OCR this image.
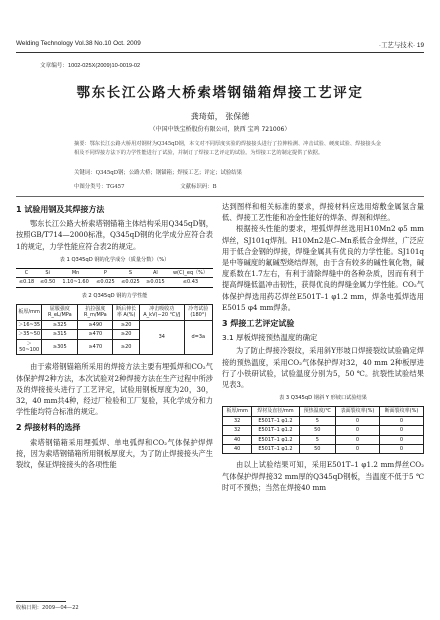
Welding Technology Vol.38 No.10 Oct. 2009	·工艺与技术· 19
文章编号：1002-025X(2009)10-0019-02
鄂东长江公路大桥索塔钢锚箱焊接工艺评定
龚琦茹， 张保德
（中国中铁宝桥股份有限公司，陕西 宝鸡 721006）
摘要：鄂东长江公路大桥用对钢材为Q345qD钢，本文对不同厚度实验的焊接接头进行了拉伸检测、冲击试验、硬度试验、焊接接头金相及不同焊接方法下的力学性能进行了试验，并制订了焊接工艺评定的试验。为焊接工艺的制定提供了依据。
关键词：Q345qD钢；公路大桥；钢锚箱；焊接工艺；评定；试验结果
中图分类号：TG457	文献标识码：B
1 试验用钢及其焊接方法

鄂东长江公路大桥索塔钢锚箱主体结构采用Q345qD钢，按照GB/T714—2000标准，Q345qD钢的化学成分应符合表1的规定，力学性能应符合表2的规定。

表 1 Q345qD 钢的化学成分（质量分数）（%）
C	Si	Mn	P	S	Al	w(C)_eq（%）
≤0.18	≤0.50	1.10~1.60	≤0.025	≤0.025	≥0.015	≤0.43
表 2 Q345qD 钢的力学性能
板厚/mm	屈服强度 R_eL/MPa	抗拉强度 R_m/MPa	断后伸长率 A(%)	冲击吸收功 A_kV(−20 ℃)/J	冷弯试验 (180°)
＞16~35	≥325	≥490	≥20	34	d=3a
＞35~50	≥315	≥470	≥20		
＞50~100	≥305	≥470	≥20		

由于索塔钢锚箱所采用的焊接方法主要有埋弧焊和CO₂气体保护焊2种方法，本次试验对2种焊接方法在生产过程中所涉及的焊接接头进行了工艺评定，试验用钢板厚度为20，30，32，40 mm共4种，经过厂检验和工厂复验，其化学成分和力学性能均符合标准的规定。

2 焊接材料的选择

索塔钢锚箱采用埋弧焊、单电弧焊和CO₂气体保护焊焊接，因为索塔钢锚箱所用钢板厚度大，为了防止焊接接头产生裂纹，保证焊接接头的各项性能

达到图样和相关标准的要求，焊接材料应选用熔敷金属氢含量低、焊接工艺性能和冶金性能好的焊条、焊剂和焊丝。

根据接头性能的要求，埋弧焊焊丝选用H10Mn2 φ5 mm焊丝，SJ101q焊剂。H10Mn2是C–Mn系低合金焊丝，广泛应用于低合金钢的焊接，焊缝金属具有优良的力学性能。SJ101q是中等碱度的氟碱型烧结焊剂，由于含有较多的碱性氧化物，碱度系数在1.7左右，有利于清除焊缝中的各种杂质，因而有利于提高焊缝低温冲击韧性，获得优良的焊缝金属力学性能。CO₂气体保护焊选用药芯焊丝E501T–1 φ1.2 mm，焊条电弧焊选用E5015 φ4 mm焊条。

3 焊接工艺评定试验
3.1 厚板焊接预热温度的确定

为了防止焊接冷裂纹，采用斜Y形坡口焊接裂纹试验确定焊接的预热温度，采用CO₂气体保护焊对32，40 mm 2种板厚进行了小铁研试验，试验温度分别为5，50 ℃。抗裂性试验结果见表3。

表 3 Q345qD 钢斜 Y 形坡口试验结果
板厚/mm	焊材及直径/mm	预热温度/℃	表面裂纹率(%)	断面裂纹率(%)
32	E501T–1 φ1.2	5	0	0
32	E501T–1 φ1.2	50	0	0
40	E501T–1 φ1.2	5	0	0
40	E501T–1 φ1.2	50	0	0

由以上试验结果可知，采用E501T–1 φ1.2 mm焊丝CO₂气体保护焊焊接32 mm厚的Q345qD钢板，当温度不低于5 ℃时可不预热；当然在焊接40 mm

收稿日期：2009—04—22
